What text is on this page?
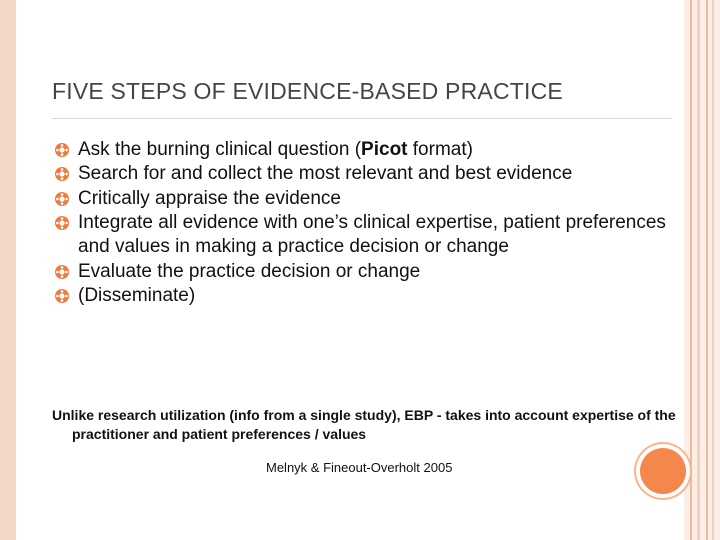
FIVE STEPS OF EVIDENCE-BASED PRACTICE
Ask the burning clinical question (Picot format)
Search for and collect the most relevant and best evidence
Critically appraise the evidence
Integrate all evidence with one’s clinical expertise, patient preferences and values in making a practice decision or change
Evaluate the practice decision or change
(Disseminate)

Unlike research utilization (info from a single study), EBP - takes into account expertise of the practitioner and patient preferences / values

Melnyk & Fineout-Overholt 2005
